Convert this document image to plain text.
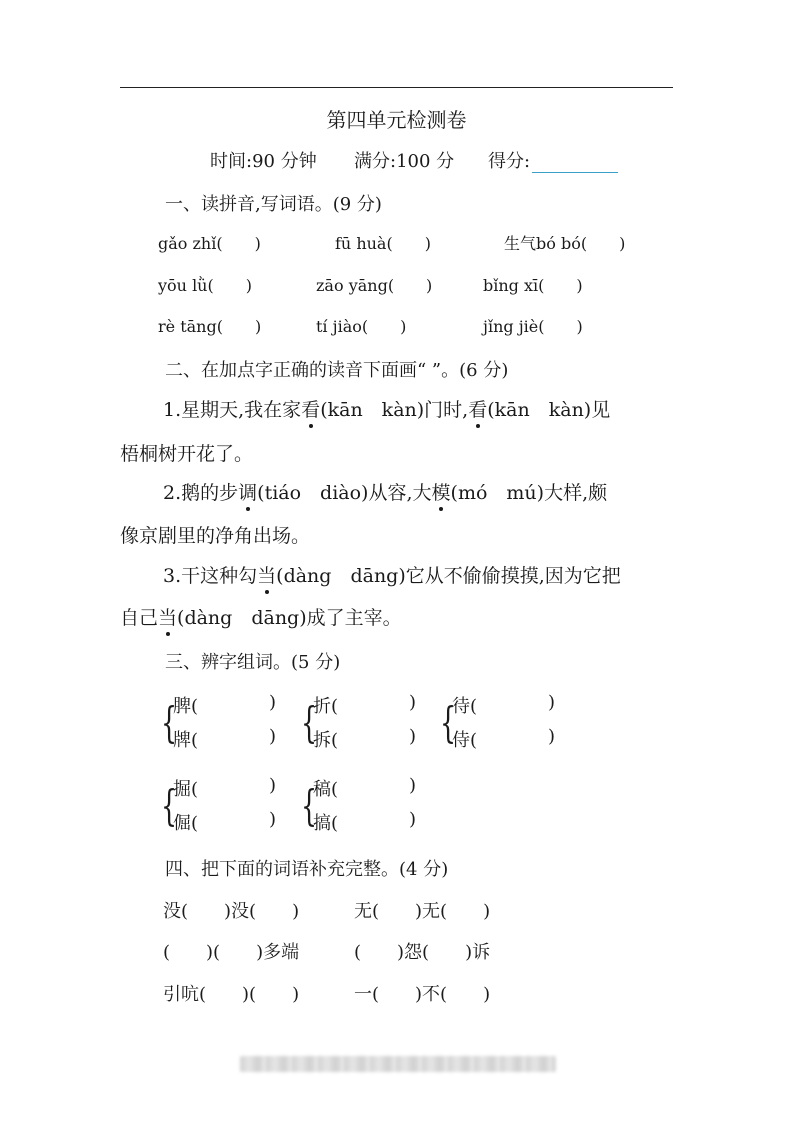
第四单元检测卷
时间:90 分钟 满分:100 分 得分:
一、读拼音,写词语。(9 分)
gǎo zhǐ(　　)	fū huà(　　)	生气bó bó(　　)
yōu lǜ(　　)	zāo yāng(　　)	bǐng xī(　　)
rè tāng(　　)	tí jiào(　　)	jǐng jiè(　　)
二、在加点字正确的读音下面画“ ”。(6 分)
1.星期天,我在家看(kān　kàn)门时,看(kān　kàn)见
梧桐树开花了。
2.鹅的步调(tiáo　diào)从容,大模(mó　mú)大样,颇
像京剧里的净角出场。
3.干这种勾当(dàng　dāng)它从不偷偷摸摸,因为它把
自己当(dàng　dāng)成了主宰。
三、辨字组词。(5 分)
{
脾(	)
牌(	) {
折(	)
拆(	) {
待(	)
侍(	)
{
掘(	)
倔(	) {
稿(	)
搞(	)
四、把下面的词语补充完整。(4 分)
没(　　)没(　　)	无(　　)无(　　)
(　　)(　　)多端	(　　)怨(　　)诉
引吭(　　)(　　)	一(　　)不(　　)
